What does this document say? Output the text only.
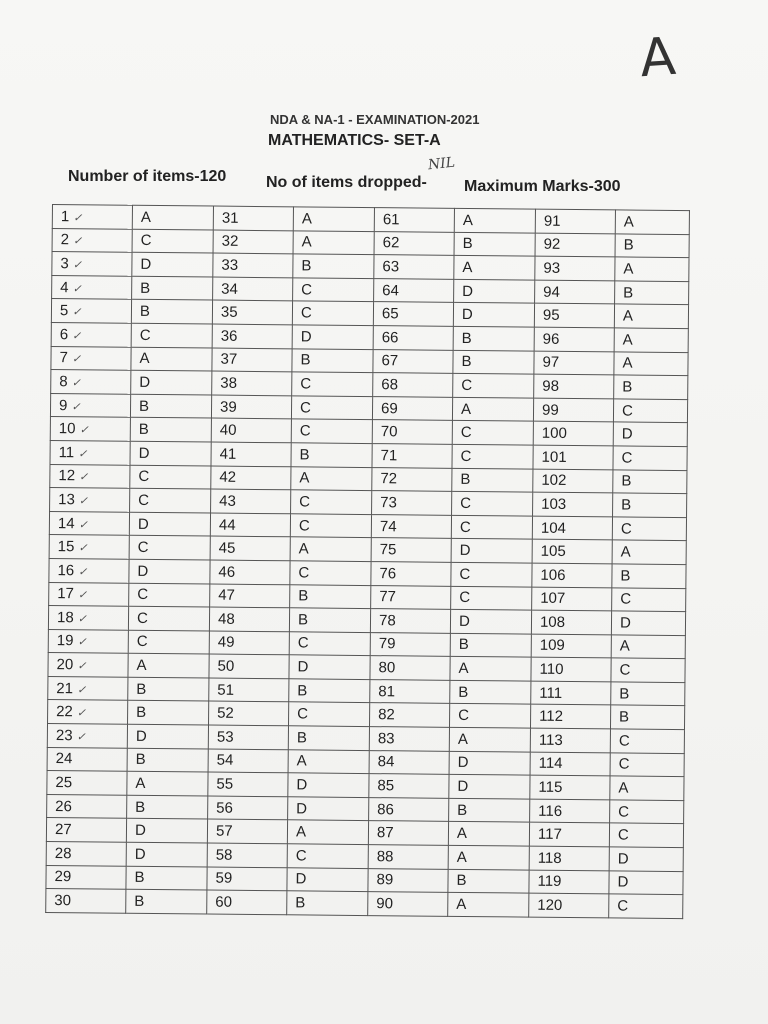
A
NDA & NA-1 - EXAMINATION-2021
MATHEMATICS- SET-A
NIL
Number of items-120 No of items dropped- Maximum Marks-300
1 ✓	A	31	A	61	A	91	A
2 ✓	C	32	A	62	B	92	B
3 ✓	D	33	B	63	A	93	A
4 ✓	B	34	C	64	D	94	B
5 ✓	B	35	C	65	D	95	A
6 ✓	C	36	D	66	B	96	A
7 ✓	A	37	B	67	B	97	A
8 ✓	D	38	C	68	C	98	B
9 ✓	B	39	C	69	A	99	C
10 ✓	B	40	C	70	C	100	D
11 ✓	D	41	B	71	C	101	C
12 ✓	C	42	A	72	B	102	B
13 ✓	C	43	C	73	C	103	B
14 ✓	D	44	C	74	C	104	C
15 ✓	C	45	A	75	D	105	A
16 ✓	D	46	C	76	C	106	B
17 ✓	C	47	B	77	C	107	C
18 ✓	C	48	B	78	D	108	D
19 ✓	C	49	C	79	B	109	A
20 ✓	A	50	D	80	A	110	C
21 ✓	B	51	B	81	B	111	B
22 ✓	B	52	C	82	C	112	B
23 ✓	D	53	B	83	A	113	C
24	B	54	A	84	D	114	C
25	A	55	D	85	D	115	A
26	B	56	D	86	B	116	C
27	D	57	A	87	A	117	C
28	D	58	C	88	A	118	D
29	B	59	D	89	B	119	D
30	B	60	B	90	A	120	C
